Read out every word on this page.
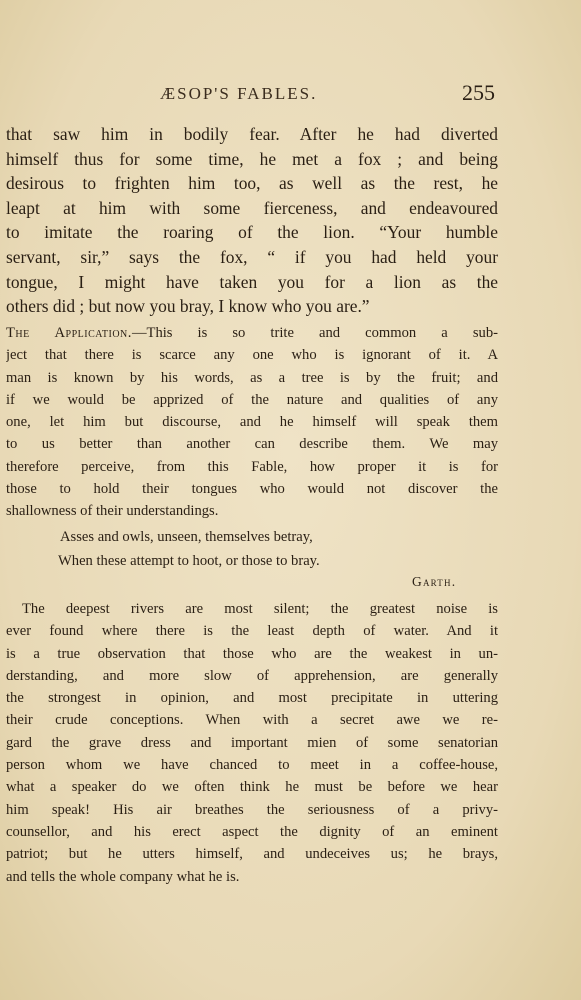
ÆSOP'S FABLES.	255
that saw him in bodily fear. After he had diverted
himself thus for some time, he met a fox ; and being
desirous to frighten him too, as well as the rest, he
leapt at him with some fierceness, and endeavoured
to imitate the roaring of the lion. “Your humble
servant, sir,” says the fox, “ if you had held your
tongue, I might have taken you for a lion as the
others did ; but now you bray, I know who you are.”
The Application.—This is so trite and common a sub-
ject that there is scarce any one who is ignorant of it. A
man is known by his words, as a tree is by the fruit; and
if we would be apprized of the nature and qualities of any
one, let him but discourse, and he himself will speak them
to us better than another can describe them. We may
therefore perceive, from this Fable, how proper it is for
those to hold their tongues who would not discover the
shallowness of their understandings.
Asses and owls, unseen, themselves betray,
When these attempt to hoot, or those to bray.
Garth.
The deepest rivers are most silent; the greatest noise is
ever found where there is the least depth of water. And it
is a true observation that those who are the weakest in un-
derstanding, and more slow of apprehension, are generally
the strongest in opinion, and most precipitate in uttering
their crude conceptions. When with a secret awe we re-
gard the grave dress and important mien of some senatorian
person whom we have chanced to meet in a coffee-house,
what a speaker do we often think he must be before we hear
him speak! His air breathes the seriousness of a privy-
counsellor, and his erect aspect the dignity of an eminent
patriot; but he utters himself, and undeceives us; he brays,
and tells the whole company what he is.
